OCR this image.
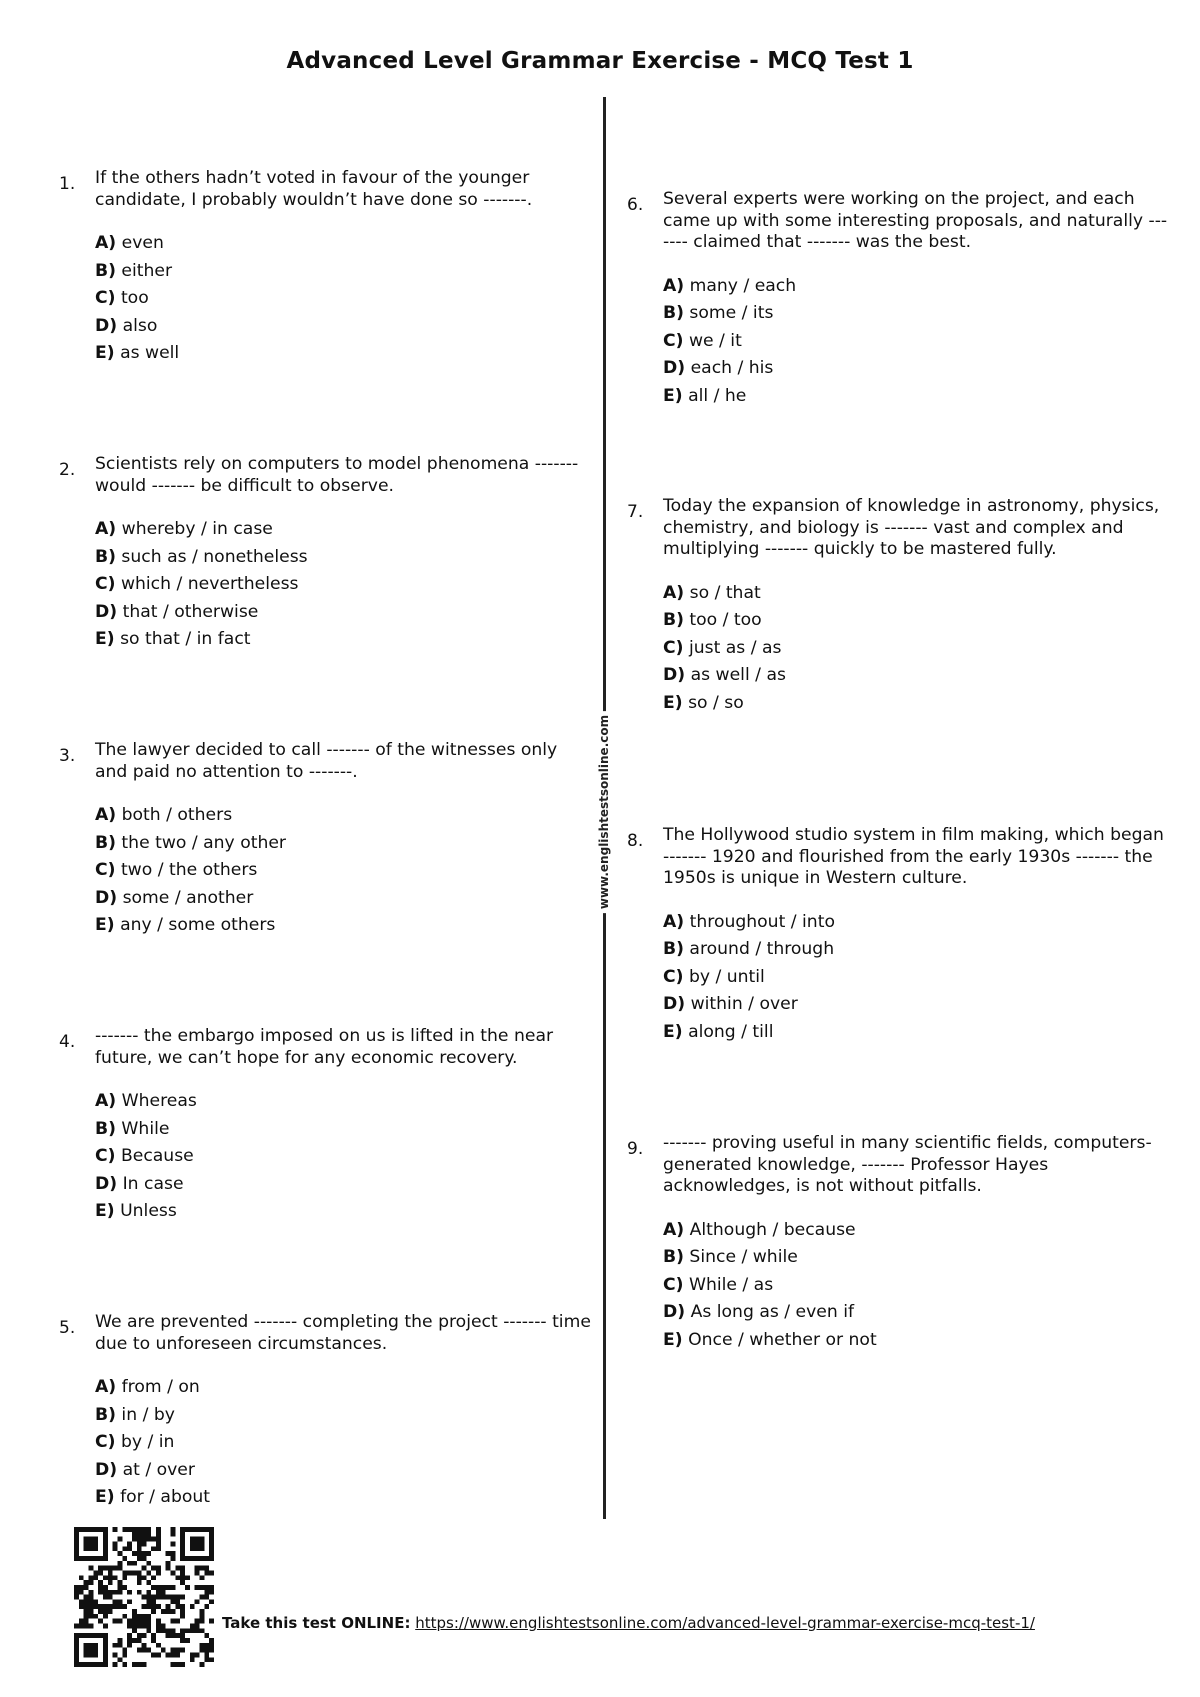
Advanced Level Grammar Exercise - MCQ Test 1
www.englishtestsonline.com
1. If the others hadn’t voted in favour of the younger candidate, I probably wouldn’t have done so -------.

A) even
B) either
C) too
D) also
E) as well
2. Scientists rely on computers to model phenomena ------- would ------- be difficult to observe.

A) whereby / in case
B) such as / nonetheless
C) which / nevertheless
D) that / otherwise
E) so that / in fact
3. The lawyer decided to call ------- of the witnesses only and paid no attention to -------.

A) both / others
B) the two / any other
C) two / the others
D) some / another
E) any / some others
4. ------- the embargo imposed on us is lifted in the near future, we can’t hope for any economic recovery.

A) Whereas
B) While
C) Because
D) In case
E) Unless
5. We are prevented ------- completing the project ------- time due to unforeseen circumstances.

A) from / on
B) in / by
C) by / in
D) at / over
E) for / about
6. Several experts were working on the project, and each came up with some interesting proposals, and naturally ------- claimed that ------- was the best.

A) many / each
B) some / its
C) we / it
D) each / his
E) all / he
7. Today the expansion of knowledge in astronomy, physics, chemistry, and biology is ------- vast and complex and multiplying ------- quickly to be mastered fully.

A) so / that
B) too / too
C) just as / as
D) as well / as
E) so / so
8. The Hollywood studio system in film making, which began ------- 1920 and flourished from the early 1930s ------- the 1950s is unique in Western culture.

A) throughout / into
B) around / through
C) by / until
D) within / over
E) along / till
9. ------- proving useful in many scientific fields, computers-generated knowledge, ------- Professor Hayes acknowledges, is not without pitfalls.

A) Although / because
B) Since / while
C) While / as
D) As long as / even if
E) Once / whether or not
Take this test ONLINE: https://www.englishtestsonline.com/advanced-level-grammar-exercise-mcq-test-1/
